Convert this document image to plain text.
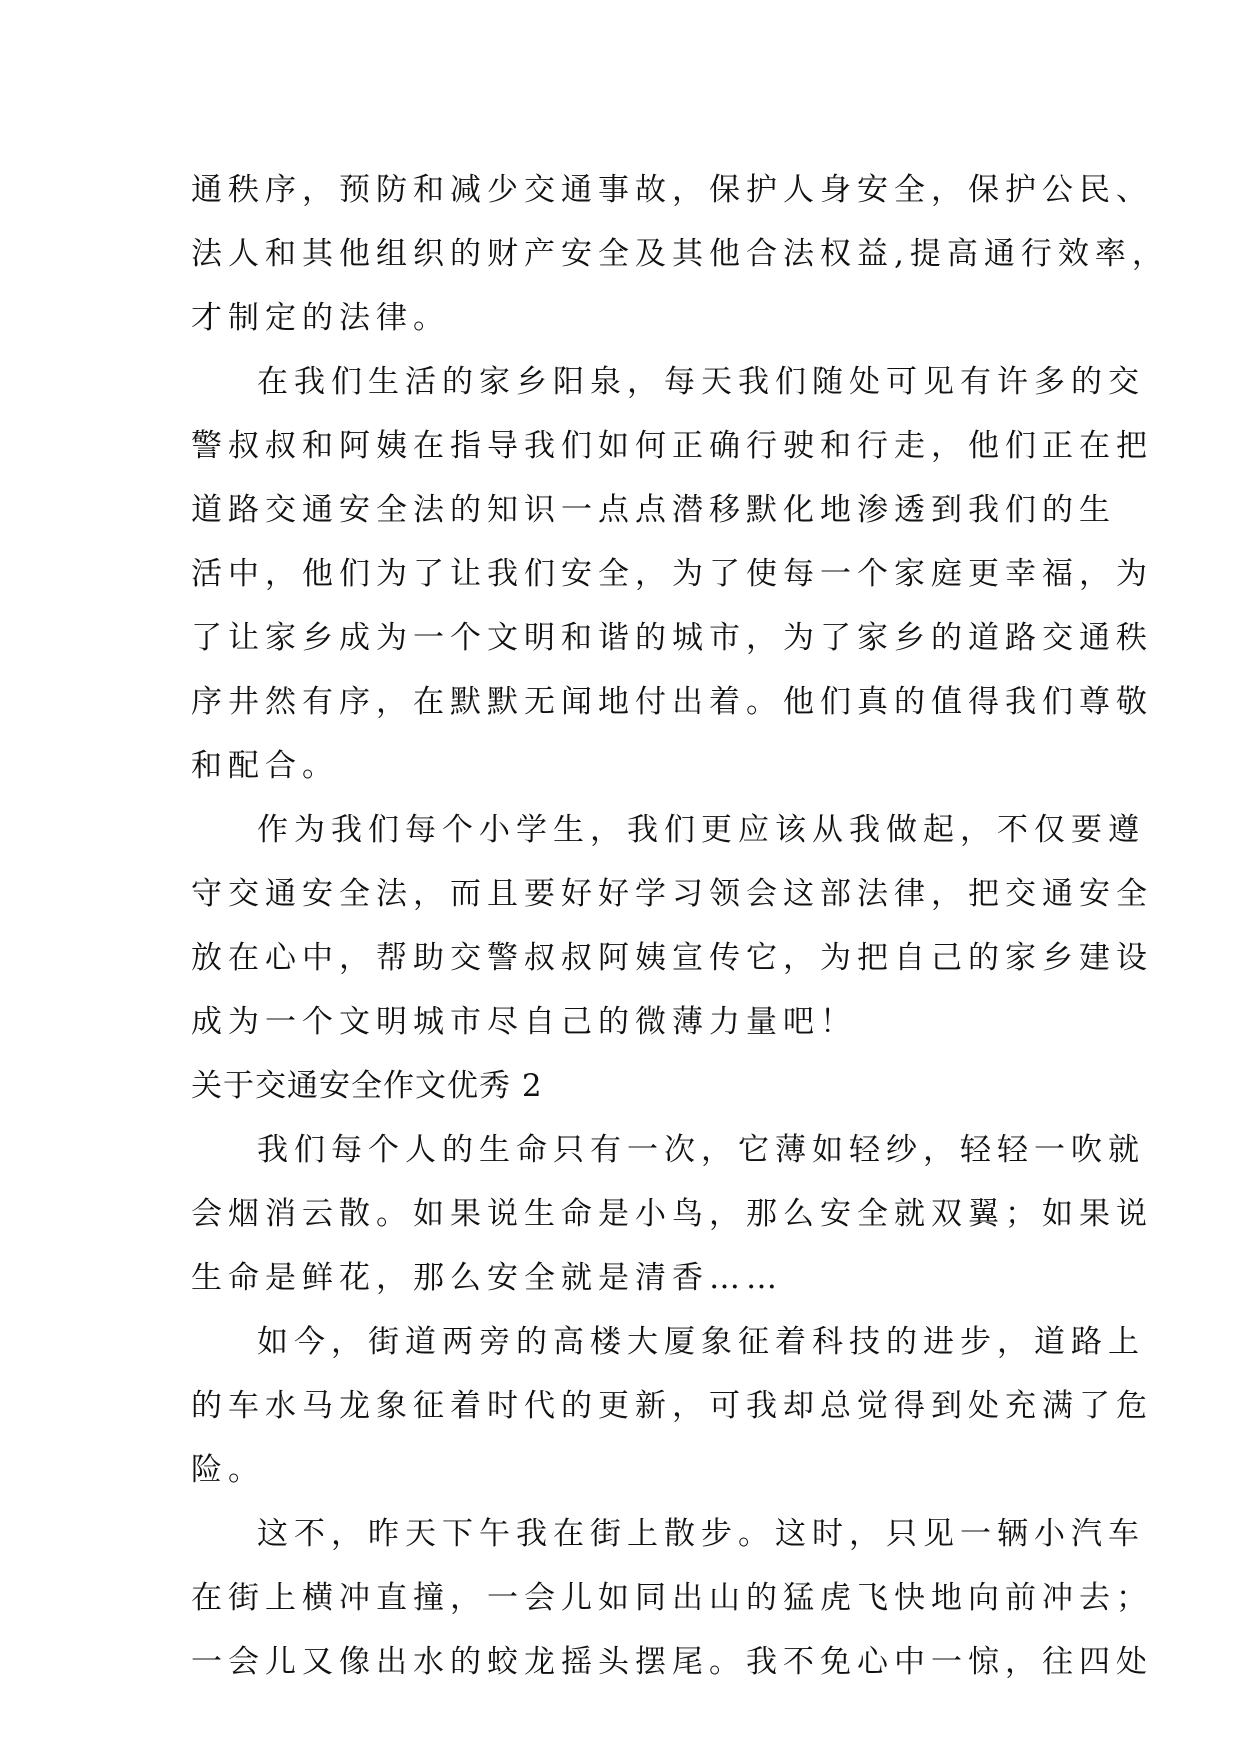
通秩序，预防和减少交通事故，保护人身安全，保护公民、
法人和其他组织的财产安全及其他合法权益,提高通行效率，
才制定的法律。
在我们生活的家乡阳泉，每天我们随处可见有许多的交
警叔叔和阿姨在指导我们如何正确行驶和行走，他们正在把
道路交通安全法的知识一点点潜移默化地渗透到我们的生
活中，他们为了让我们安全，为了使每一个家庭更幸福，为
了让家乡成为一个文明和谐的城市，为了家乡的道路交通秩
序井然有序，在默默无闻地付出着。他们真的值得我们尊敬
和配合。
作为我们每个小学生，我们更应该从我做起，不仅要遵
守交通安全法，而且要好好学习领会这部法律，把交通安全
放在心中，帮助交警叔叔阿姨宣传它，为把自己的家乡建设
成为一个文明城市尽自己的微薄力量吧！
关于交通安全作文优秀 2
我们每个人的生命只有一次，它薄如轻纱，轻轻一吹就
会烟消云散。如果说生命是小鸟，那么安全就双翼；如果说
生命是鲜花，那么安全就是清香……
如今，街道两旁的高楼大厦象征着科技的进步，道路上
的车水马龙象征着时代的更新，可我却总觉得到处充满了危
险。
这不，昨天下午我在街上散步。这时，只见一辆小汽车
在街上横冲直撞，一会儿如同出山的猛虎飞快地向前冲去；
一会儿又像出水的蛟龙摇头摆尾。我不免心中一惊，往四处
